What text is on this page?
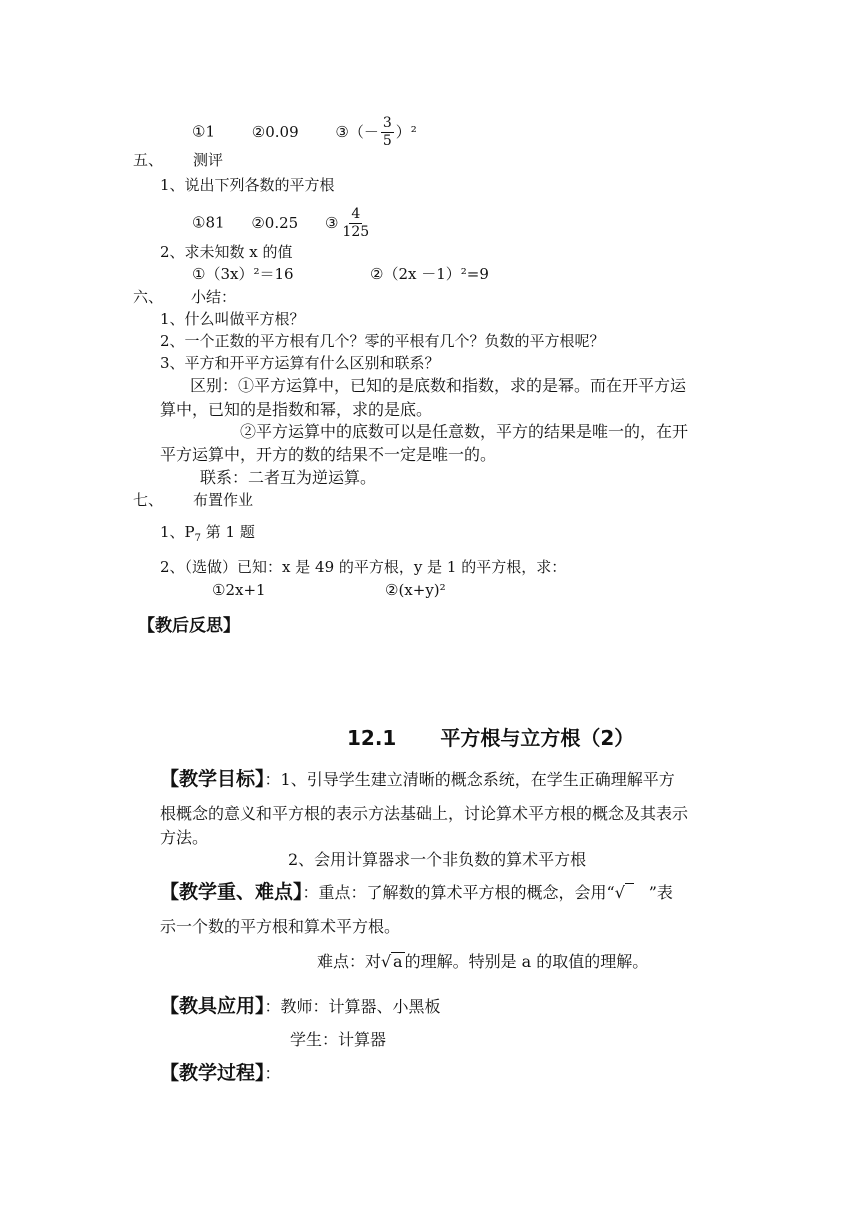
①1 ②0.09 ③（－ $\frac{3}{5} )^2$
五、 测评
1、说出下列各数的平方根
①81 ②0.25 ③ $\frac{4}{125}$
2、求未知数 x 的值
①（3x）²＝16	②（2x －1）²=9
六、 小结：
1、什么叫做平方根？
2、一个正数的平方根有几个？零的平根有几个？负数的平方根呢？
3、平方和开平方运算有什么区别和联系？
区别：①平方运算中，已知的是底数和指数，求的是幂。而在开平方运
算中，已知的是指数和幂，求的是底。
②平方运算中的底数可以是任意数，平方的结果是唯一的，在开
平方运算中，开方的数的结果不一定是唯一的。
联系：二者互为逆运算。
七、 布置作业
1、$P_7$ 第 1 题
2、（选做）已知：x 是 49 的平方根，y 是 1 的平方根，求：
①2x+1	②(x+y)²
【教后反思】
12.1 平方根与立方根（2）
【教学目标】：1、引导学生建立清晰的概念系统，在学生正确理解平方
根概念的意义和平方根的表示方法基础上，讨论算术平方根的概念及其表示
方法。
2、会用计算器求一个非负数的算术平方根
【教学重、难点】：重点：了解数的算术平方根的概念，会用“ √ ”表
示一个数的平方根和算术平方根。
难点：对 √ a 的理解。特别是 a 的取值的理解。
【教具应用】：教师：计算器、小黑板
学生：计算器
【教学过程】：
